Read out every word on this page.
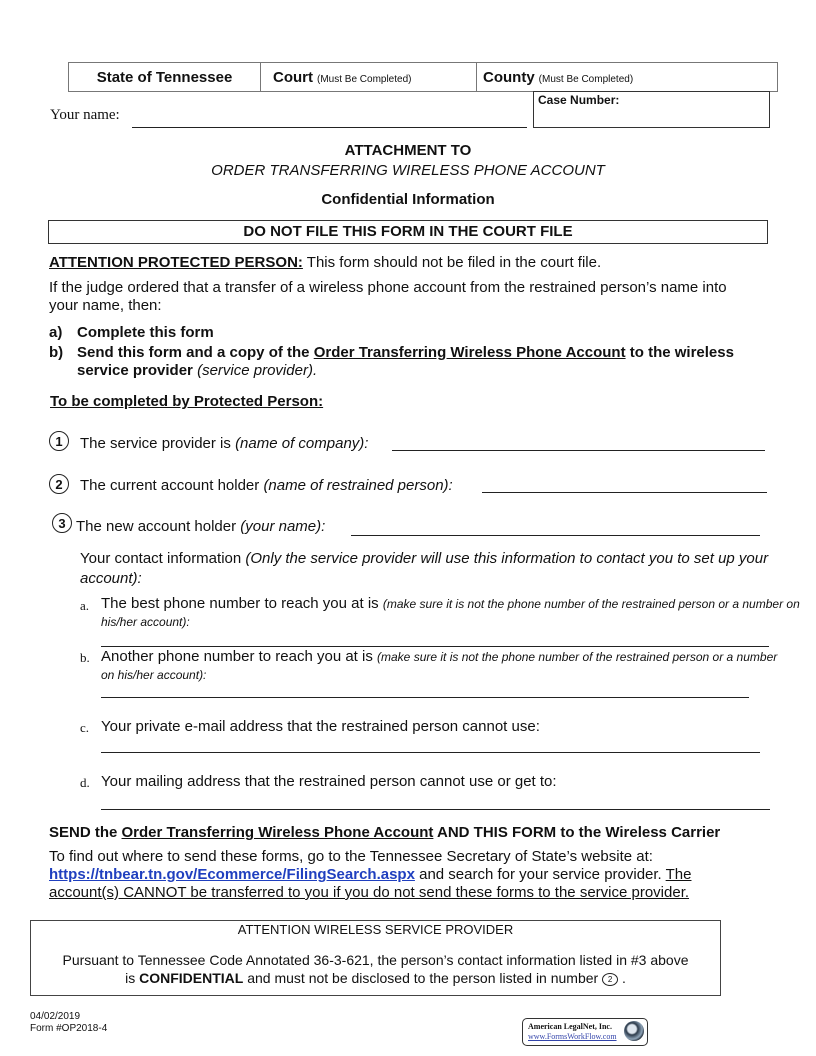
State of Tennessee	Court (Must Be Completed)	County (Must Be Completed)
Case Number:
Your name:
ATTACHMENT TO
ORDER TRANSFERRING WIRELESS PHONE ACCOUNT
Confidential Information
DO NOT FILE THIS FORM IN THE COURT FILE
ATTENTION PROTECTED PERSON: This form should not be filed in the court file.
If the judge ordered that a transfer of a wireless phone account from the restrained person’s name into your name, then:
a) Complete this form
b) Send this form and a copy of the Order Transferring Wireless Phone Account to the wireless service provider (service provider).
To be completed by Protected Person:
1	The service provider is (name of company):
2	The current account holder (name of restrained person):
3 The new account holder (your name):
Your contact information (Only the service provider will use this information to contact you to set up your account):
a. The best phone number to reach you at is (make sure it is not the phone number of the restrained person or a number on his/her account):
b. Another phone number to reach you at is (make sure it is not the phone number of the restrained person or a number on his/her account):
c. Your private e-mail address that the restrained person cannot use:
d. Your mailing address that the restrained person cannot use or get to:
SEND the Order Transferring Wireless Phone Account AND THIS FORM to the Wireless Carrier
To find out where to send these forms, go to the Tennessee Secretary of State’s website at:
https://tnbear.tn.gov/Ecommerce/FilingSearch.aspx and search for your service provider. The
account(s) CANNOT be transferred to you if you do not send these forms to the service provider.
ATTENTION WIRELESS SERVICE PROVIDER
Pursuant to Tennessee Code Annotated 36-3-621, the person’s contact information listed in #3 above
is CONFIDENTIAL and must not be disclosed to the person listed in number 2 .
04/02/2019
Form #OP2018-4	American LegalNet, Inc.
www.FormsWorkFlow.com
